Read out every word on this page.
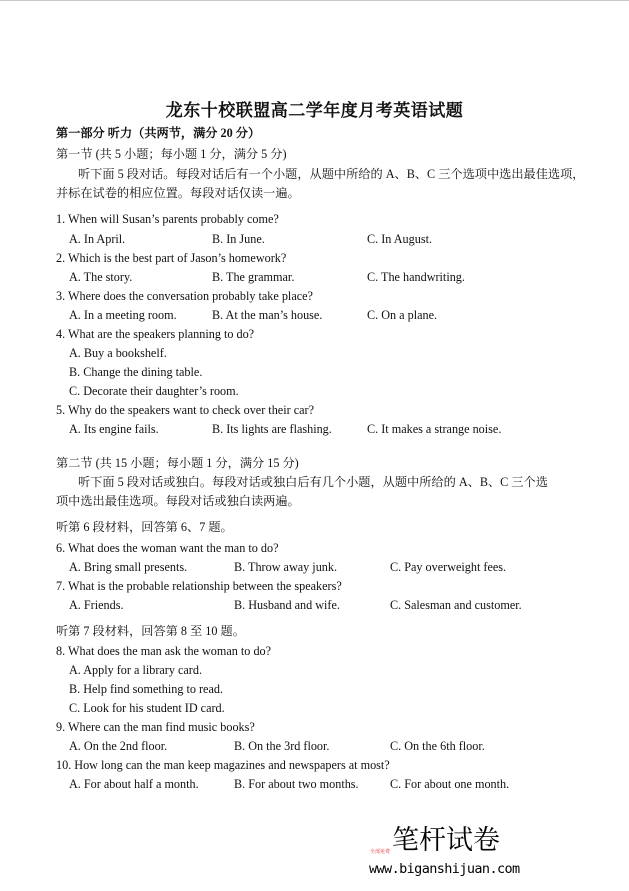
龙东十校联盟高二学年度月考英语试题
第一部分 听力（共两节，满分 20 分）
第一节 (共 5 小题；每小题 1 分，满分 5 分)
听下面 5 段对话。每段对话后有一个小题，从题中所给的 A、B、C 三个选项中选出最佳选项，
并标在试卷的相应位置。每段对话仅读一遍。
1. When will Susan’s parents probably come?
A. In April.	B. In June.	C. In August.
2. Which is the best part of Jason’s homework?
A. The story.	B. The grammar.	C. The handwriting.
3. Where does the conversation probably take place?
A. In a meeting room.	B. At the man’s house.	C. On a plane.
4. What are the speakers planning to do?
A. Buy a bookshelf.
B. Change the dining table.
C. Decorate their daughter’s room.
5. Why do the speakers want to check over their car?
A. Its engine fails.	B. Its lights are flashing.	C. It makes a strange noise.
第二节 (共 15 小题；每小题 1 分，满分 15 分)
听下面 5 段对话或独白。每段对话或独白后有几个小题，从题中所给的 A、B、C 三个选
项中选出最佳选项。每段对话或独白读两遍。
听第 6 段材料，回答第 6、7 题。
6. What does the woman want the man to do?
A. Bring small presents.	B. Throw away junk.	C. Pay overweight fees.
7. What is the probable relationship between the speakers?
A. Friends.	B. Husband and wife.	C. Salesman and customer.
听第 7 段材料，回答第 8 至 10 题。
8. What does the man ask the woman to do?
A. Apply for a library card.
B. Help find something to read.
C. Look for his student ID card.
9. Where can the man find music books?
A. On the 2nd floor.	B. On the 3rd floor.	C. On the 6th floor.
10. How long can the man keep magazines and newspapers at most?
A. For about half a month.	B. For about two months.	C. For about one month.
全部免费 笔杆试卷
www.biganshijuan.com
